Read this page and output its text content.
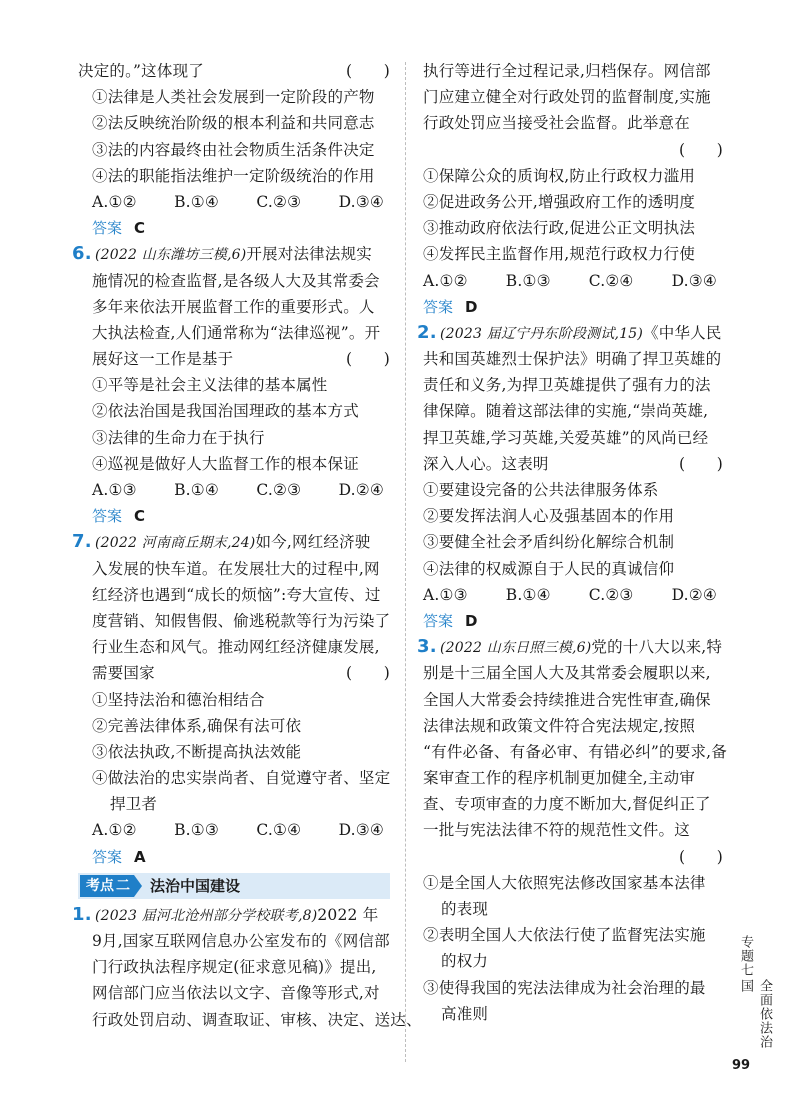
决定的。”这体现了	( )
①法律是人类社会发展到一定阶段的产物
②法反映统治阶级的根本利益和共同意志
③法的内容最终由社会物质生活条件决定
④法的职能指法维护一定阶级统治的作用
A.①② B.①④ C.②③ D.③④
答案 C
6. (2022 山东潍坊三模,6)开展对法律法规实
施情况的检查监督,是各级人大及其常委会
多年来依法开展监督工作的重要形式。人
大执法检查,人们通常称为“法律巡视”。开
展好这一工作是基于	( )
①平等是社会主义法律的基本属性
②依法治国是我国治国理政的基本方式
③法律的生命力在于执行
④巡视是做好人大监督工作的根本保证
A.①③ B.①④ C.②③ D.②④
答案 C
7. (2022 河南商丘期末,24)如今,网红经济驶
入发展的快车道。在发展壮大的过程中,网
红经济也遇到“成长的烦恼”:夸大宣传、过
度营销、知假售假、偷逃税款等行为污染了
行业生态和风气。推动网红经济健康发展,
需要国家	( )
①坚持法治和德治相结合
②完善法律体系,确保有法可依
③依法执政,不断提高执法效能
④做法治的忠实崇尚者、自觉遵守者、坚定
捍卫者
A.①② B.①③ C.①④ D.③④
答案 A
考点 二 法治中国建设
1. (2023 届河北沧州部分学校联考,8)2022 年
9月,国家互联网信息办公室发布的《网信部
门行政执法程序规定(征求意见稿)》提出,
网信部门应当依法以文字、音像等形式,对
行政处罚启动、调查取证、审核、决定、送达、
执行等进行全过程记录,归档保存。网信部
门应建立健全对行政处罚的监督制度,实施
行政处罚应当接受社会监督。此举意在
( )
①保障公众的质询权,防止行政权力滥用
②促进政务公开,增强政府工作的透明度
③推动政府依法行政,促进公正文明执法
④发挥民主监督作用,规范行政权力行使
A.①② B.①③ C.②④ D.③④
答案 D
2. (2023 届辽宁丹东阶段测试,15)《中华人民
共和国英雄烈士保护法》明确了捍卫英雄的
责任和义务,为捍卫英雄提供了强有力的法
律保障。随着这部法律的实施,“崇尚英雄,
捍卫英雄,学习英雄,关爱英雄”的风尚已经
深入人心。这表明	( )
①要建设完备的公共法律服务体系
②要发挥法润人心及强基固本的作用
③要健全社会矛盾纠纷化解综合机制
④法律的权威源自于人民的真诚信仰
A.①③ B.①④ C.②③ D.②④
答案 D
3. (2022 山东日照三模,6)党的十八大以来,特
别是十三届全国人大及其常委会履职以来,
全国人大常委会持续推进合宪性审查,确保
法律法规和政策文件符合宪法规定,按照
“有件必备、有备必审、有错必纠”的要求,备
案审查工作的程序机制更加健全,主动审
查、专项审查的力度不断加大,督促纠正了
一批与宪法法律不符的规范性文件。这
( )
①是全国人大依照宪法修改国家基本法律
的表现
②表明全国人大依法行使了监督宪法实施
的权力
③使得我国的宪法法律成为社会治理的最
高准则
专题七
全面依法治国
99
